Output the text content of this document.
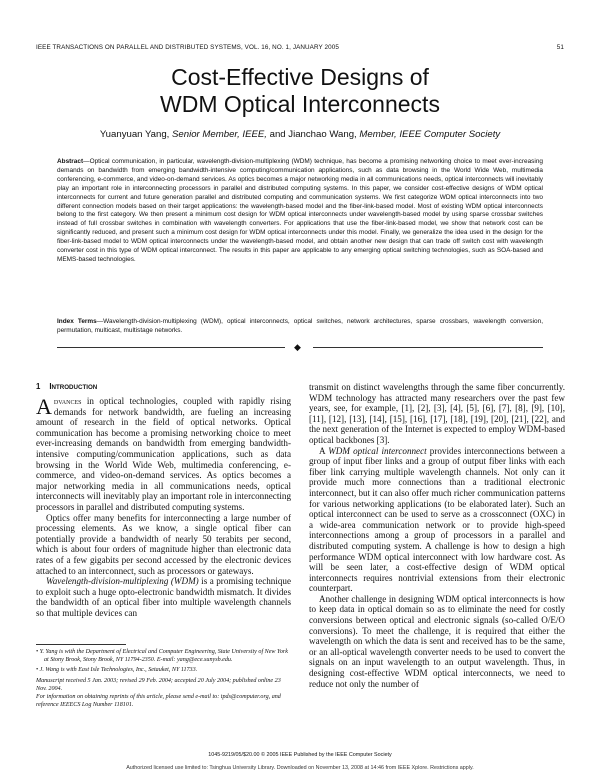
IEEE TRANSACTIONS ON PARALLEL AND DISTRIBUTED SYSTEMS, VOL. 16, NO. 1, JANUARY 2005	51
Cost-Effective Designs of
WDM Optical Interconnects
Yuanyuan Yang, Senior Member, IEEE, and Jianchao Wang, Member, IEEE Computer Society
Abstract—Optical communication, in particular, wavelength-division-multiplexing (WDM) technique, has become a promising networking choice to meet ever-increasing demands on bandwidth from emerging bandwidth-intensive computing/communication applications, such as data browsing in the World Wide Web, multimedia conferencing, e-commerce, and video-on-demand services. As optics becomes a major networking media in all communications needs, optical interconnects will inevitably play an important role in interconnecting processors in parallel and distributed computing systems. In this paper, we consider cost-effective designs of WDM optical interconnects for current and future generation parallel and distributed computing and communication systems. We first categorize WDM optical interconnects into two different connection models based on their target applications: the wavelength-based model and the fiber-link-based model. Most of existing WDM optical interconnects belong to the first category. We then present a minimum cost design for WDM optical interconnects under wavelength-based model by using sparse crossbar switches instead of full crossbar switches in combination with wavelength converters. For applications that use the fiber-link-based model, we show that network cost can be significantly reduced, and present such a minimum cost design for WDM optical interconnects under this model. Finally, we generalize the idea used in the design for the fiber-link-based model to WDM optical interconnects under the wavelength-based model, and obtain another new design that can trade off switch cost with wavelength converter cost in this type of WDM optical interconnect. The results in this paper are applicable to any emerging optical switching technologies, such as SOA-based and MEMS-based technologies.
Index Terms—Wavelength-division-multiplexing (WDM), optical interconnects, optical switches, network architectures, sparse crossbars, wavelength conversion, permutation, multicast, multistage networks.
◆
1 INTRODUCTION

Advances in optical technologies, coupled with rapidly rising demands for network bandwidth, are fueling an increasing amount of research in the field of optical networks. Optical communication has become a promising networking choice to meet ever-increasing demands on bandwidth from emerging bandwidth-intensive computing/communication applications, such as data browsing in the World Wide Web, multimedia conferencing, e-commerce, and video-on-demand services. As optics becomes a major networking media in all communications needs, optical interconnects will inevitably play an important role in interconnecting processors in parallel and distributed computing systems.

Optics offer many benefits for interconnecting a large number of processing elements. As we know, a single optical fiber can potentially provide a bandwidth of nearly 50 terabits per second, which is about four orders of magnitude higher than electronic data rates of a few gigabits per second accessed by the electronic devices attached to an interconnect, such as processors or gateways.

Wavelength-division-multiplexing (WDM) is a promising technique to exploit such a huge opto-electronic bandwidth mismatch. It divides the bandwidth of an optical fiber into multiple wavelength channels so that multiple devices can

transmit on distinct wavelengths through the same fiber concurrently. WDM technology has attracted many researchers over the past few years, see, for example, [1], [2], [3], [4], [5], [6], [7], [8], [9], [10], [11], [12], [13], [14], [15], [16], [17], [18], [19], [20], [21], [22], and the next generation of the Internet is expected to employ WDM-based optical backbones [3].

A WDM optical interconnect provides interconnections between a group of input fiber links and a group of output fiber links with each fiber link carrying multiple wavelength channels. Not only can it provide much more connections than a traditional electronic interconnect, but it can also offer much richer communication patterns for various networking applications (to be elaborated later). Such an optical interconnect can be used to serve as a crossconnect (OXC) in a wide-area communication network or to provide high-speed interconnections among a group of processors in a parallel and distributed computing system. A challenge is how to design a high performance WDM optical interconnect with low hardware cost. As will be seen later, a cost-effective design of WDM optical interconnects requires nontrivial extensions from their electronic counterpart.

Another challenge in designing WDM optical interconnects is how to keep data in optical domain so as to eliminate the need for costly conversions between optical and electronic signals (so-called O/E/O conversions). To meet the challenge, it is required that either the wavelength on which the data is sent and received has to be the same, or an all-optical wavelength converter needs to be used to convert the signals on an input wavelength to an output wavelength. Thus, in designing cost-effective WDM optical interconnects, we need to reduce not only the number of

• Y. Yang is with the Department of Electrical and Computer Engineering, State University of New York at Stony Brook, Stony Brook, NY 11794-2350. E-mail: yang@ece.sunysb.edu.

• J. Wang is with East Isle Technologies, Inc., Setauket, NY 11733.

Manuscript received 5 Jan. 2003; revised 29 Feb. 2004; accepted 20 July 2004; published online 23 Nov. 2004.

For information on obtaining reprints of this article, please send e-mail to: tpds@computer.org, and reference IEEECS Log Number 118101.

1045-9219/05/$20.00 © 2005 IEEE Published by the IEEE Computer Society
Authorized licensed use limited to: Tsinghua University Library. Downloaded on November 13, 2008 at 14:46 from IEEE Xplore. Restrictions apply.
